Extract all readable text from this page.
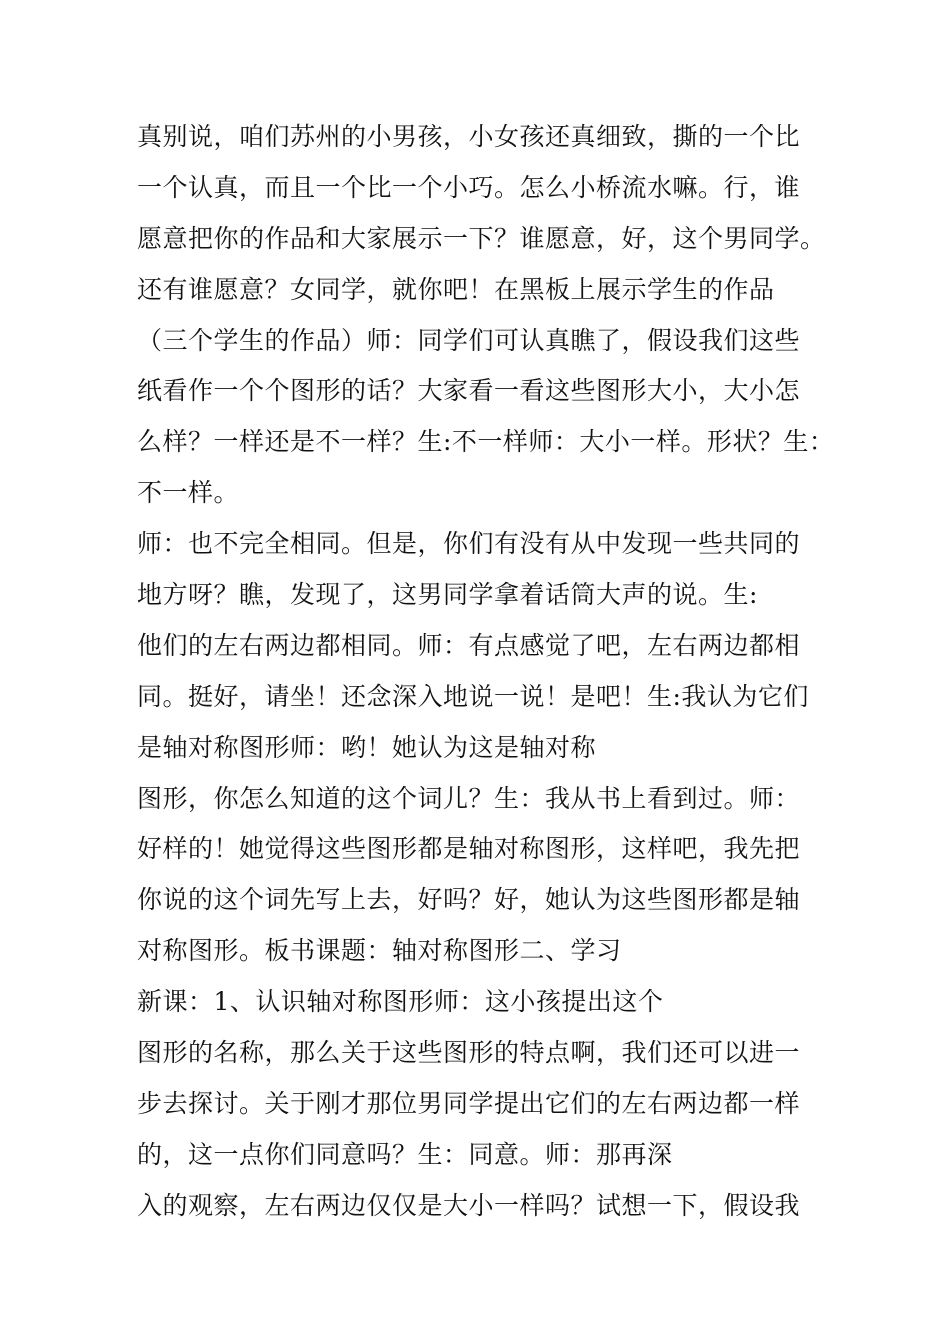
真别说，咱们苏州的小男孩，小女孩还真细致，撕的一个比
一个认真，而且一个比一个小巧。怎么小桥流水嘛。行，谁
愿意把你的作品和大家展示一下？谁愿意，好，这个男同学。
还有谁愿意？女同学，就你吧！在黑板上展示学生的作品
（三个学生的作品）师：同学们可认真瞧了，假设我们这些
纸看作一个个图形的话？大家看一看这些图形大小，大小怎
么样？一样还是不一样？生:不一样师：大小一样。形状？生：
不一样。
师：也不完全相同。但是，你们有没有从中发现一些共同的
地方呀？瞧，发现了，这男同学拿着话筒大声的说。生:
他们的左右两边都相同。师：有点感觉了吧，左右两边都相
同。挺好，请坐！还念深入地说一说！是吧！生:我认为它们
是轴对称图形师：哟！她认为这是轴对称
图形，你怎么知道的这个词儿？生：我从书上看到过。师：
好样的！她觉得这些图形都是轴对称图形，这样吧，我先把
你说的这个词先写上去，好吗？好，她认为这些图形都是轴
对称图形。板书课题：轴对称图形二、学习
新课：1、认识轴对称图形师：这小孩提出这个
图形的名称，那么关于这些图形的特点啊，我们还可以进一
步去探讨。关于刚才那位男同学提出它们的左右两边都一样
的，这一点你们同意吗？生：同意。师：那再深
入的观察，左右两边仅仅是大小一样吗？试想一下，假设我
